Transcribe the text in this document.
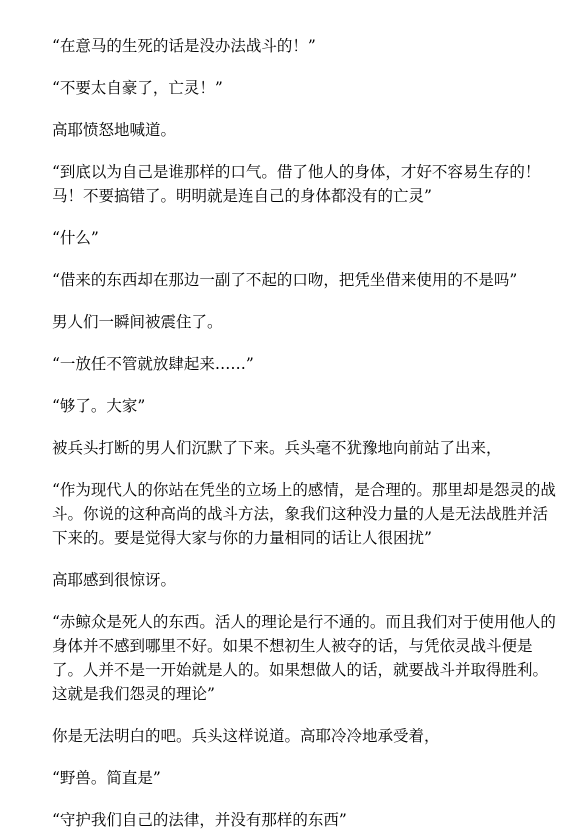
“在意马的生死的话是没办法战斗的！”

“不要太自豪了，亡灵！”

高耶愤怒地喊道。

“到底以为自己是谁那样的口气。借了他人的身体，才好不容易生存的！马！不要搞错了。明明就是连自己的身体都没有的亡灵”

“什么”

“借来的东西却在那边一副了不起的口吻，把凭坐借来使用的不是吗”

男人们一瞬间被震住了。

“一放任不管就放肆起来……”

“够了。大家”

被兵头打断的男人们沉默了下来。兵头毫不犹豫地向前站了出来，

“作为现代人的你站在凭坐的立场上的感情，是合理的。那里却是怨灵的战斗。你说的这种高尚的战斗方法，象我们这种没力量的人是无法战胜并活下来的。要是觉得大家与你的力量相同的话让人很困扰”

高耶感到很惊讶。

“赤鲸众是死人的东西。活人的理论是行不通的。而且我们对于使用他人的身体并不感到哪里不好。如果不想初生人被夺的话，与凭依灵战斗便是了。人并不是一开始就是人的。如果想做人的话，就要战斗并取得胜利。这就是我们怨灵的理论”

你是无法明白的吧。兵头这样说道。高耶冷冷地承受着，

“野兽。简直是”

“守护我们自己的法律，并没有那样的东西”
